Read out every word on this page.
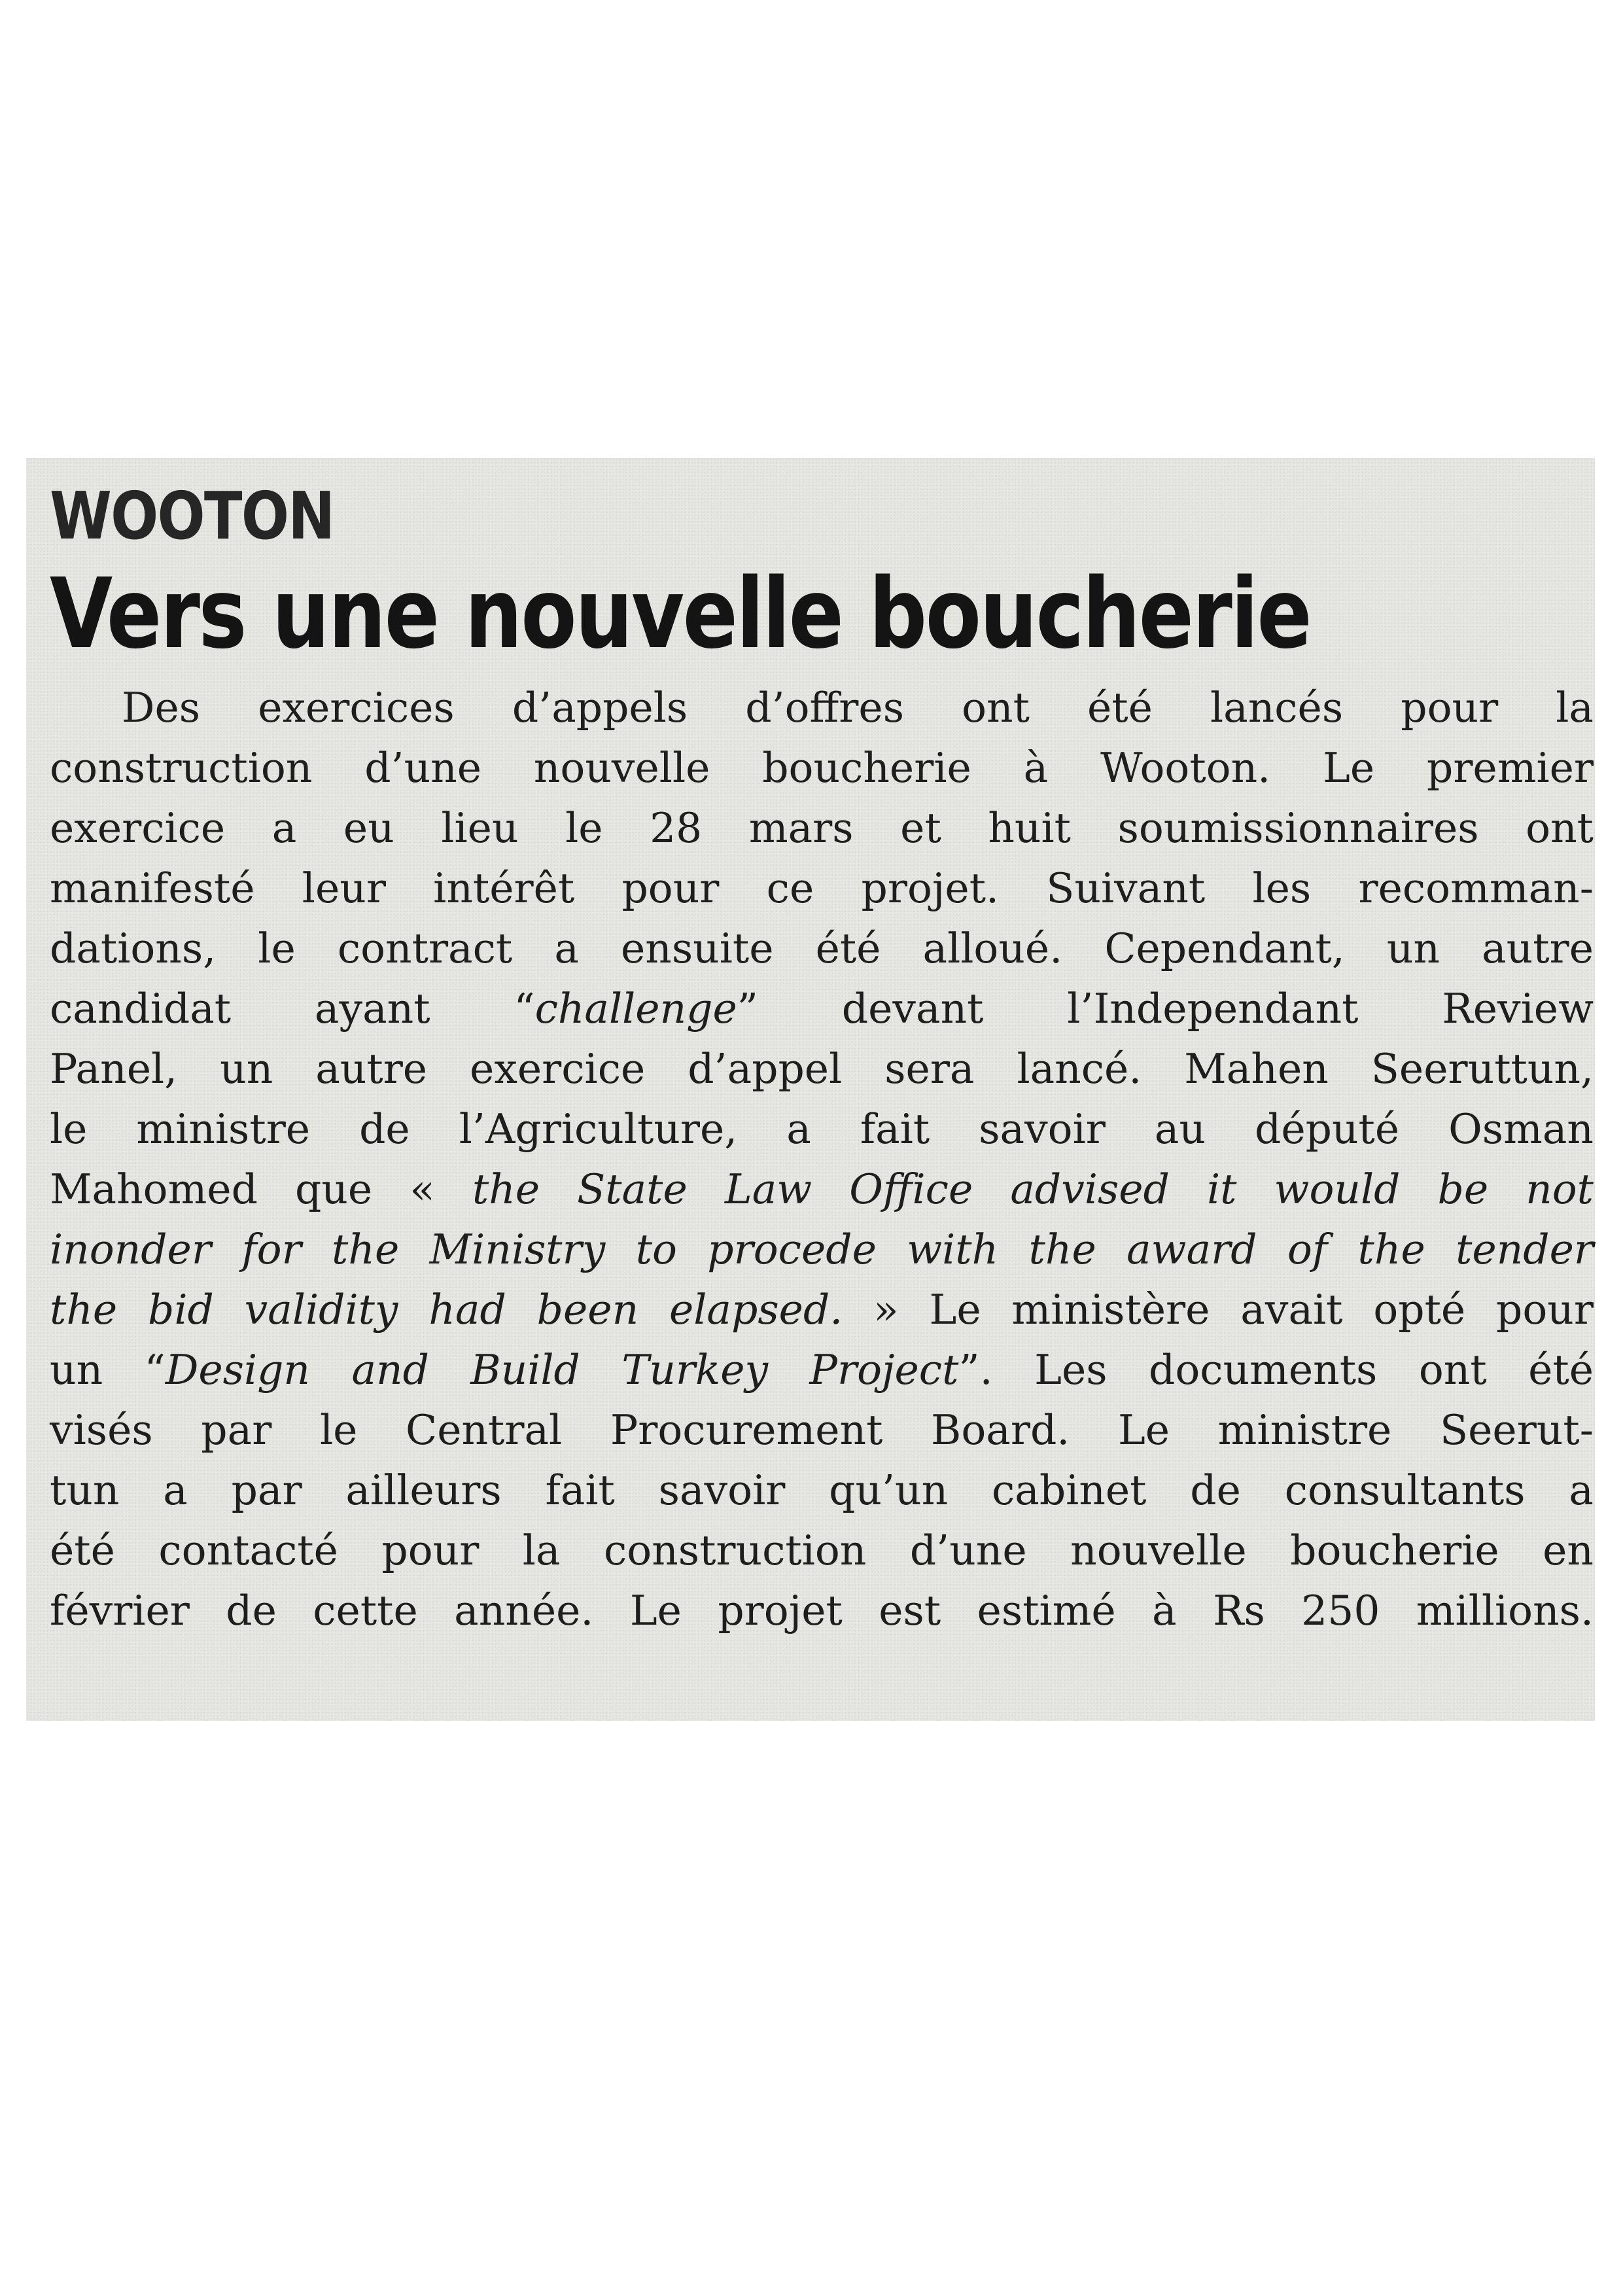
WOOTON
Vers une nouvelle boucherie
Des exercices d’appels d’offres ont été lancés pour la
construction d’une nouvelle boucherie à Wooton. Le premier
exercice a eu lieu le 28 mars et huit soumissionnaires ont
manifesté leur intérêt pour ce projet. Suivant les recomman-
dations, le contract a ensuite été alloué. Cependant, un autre
candidat ayant “challenge” devant l’Independant Review
Panel, un autre exercice d’appel sera lancé. Mahen Seeruttun,
le ministre de l’Agriculture, a fait savoir au député Osman
Mahomed que « the State Law Office advised it would be not
inonder for the Ministry to procede with the award of the tender
the bid validity had been elapsed. » Le ministère avait opté pour
un “Design and Build Turkey Project”. Les documents ont été
visés par le Central Procurement Board. Le ministre Seerut-
tun a par ailleurs fait savoir qu’un cabinet de consultants a
été contacté pour la construction d’une nouvelle boucherie en
février de cette année. Le projet est estimé à Rs 250 millions.
